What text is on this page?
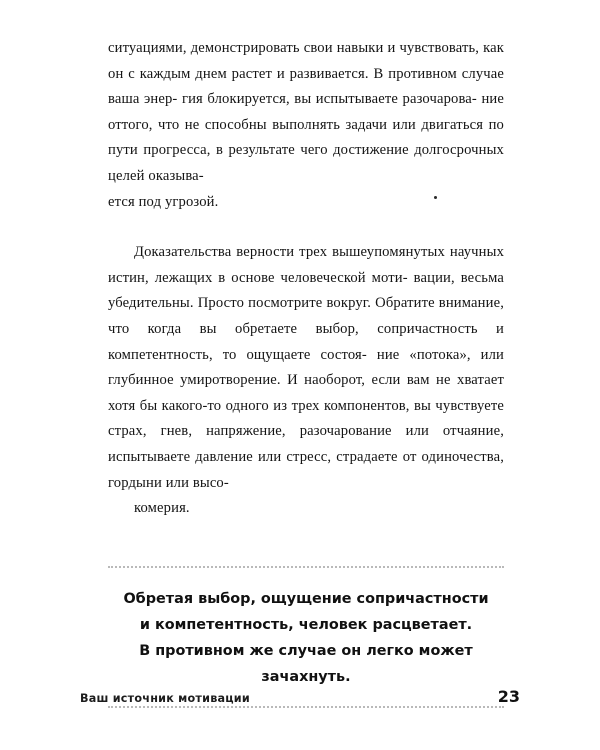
ситуациями, демонстрировать свои навыки и чувствовать, как он с каждым днем растет и развивается. В противном случае ваша энер- гия блокируется, вы испытываете разочарова- ние оттого, что не способны выполнять задачи или двигаться по пути прогресса, в результате чего достижение долгосрочных целей оказыва-
ется под угрозой.

Доказательства верности трех вышеупомянутых научных истин, лежащих в основе человеческой моти- вации, весьма убедительны. Просто посмотрите вокруг. Обратите внимание, что когда вы обретаете выбор, сопричастность и компетентность, то ощущаете состоя- ние «потока», или глубинное умиротворение. И наоборот, если вам не хватает хотя бы какого-то одного из трех компонентов, вы чувствуете страх, гнев, напряжение, разочарование или отчаяние, испытываете давление или стресс, страдаете от одиночества, гордыни или высо-
комерия.

Обретая выбор, ощущение сопричастности
и компетентность, человек расцветает.
В противном же случае он легко может
зачахнуть.
Ваш источник мотивации	23
